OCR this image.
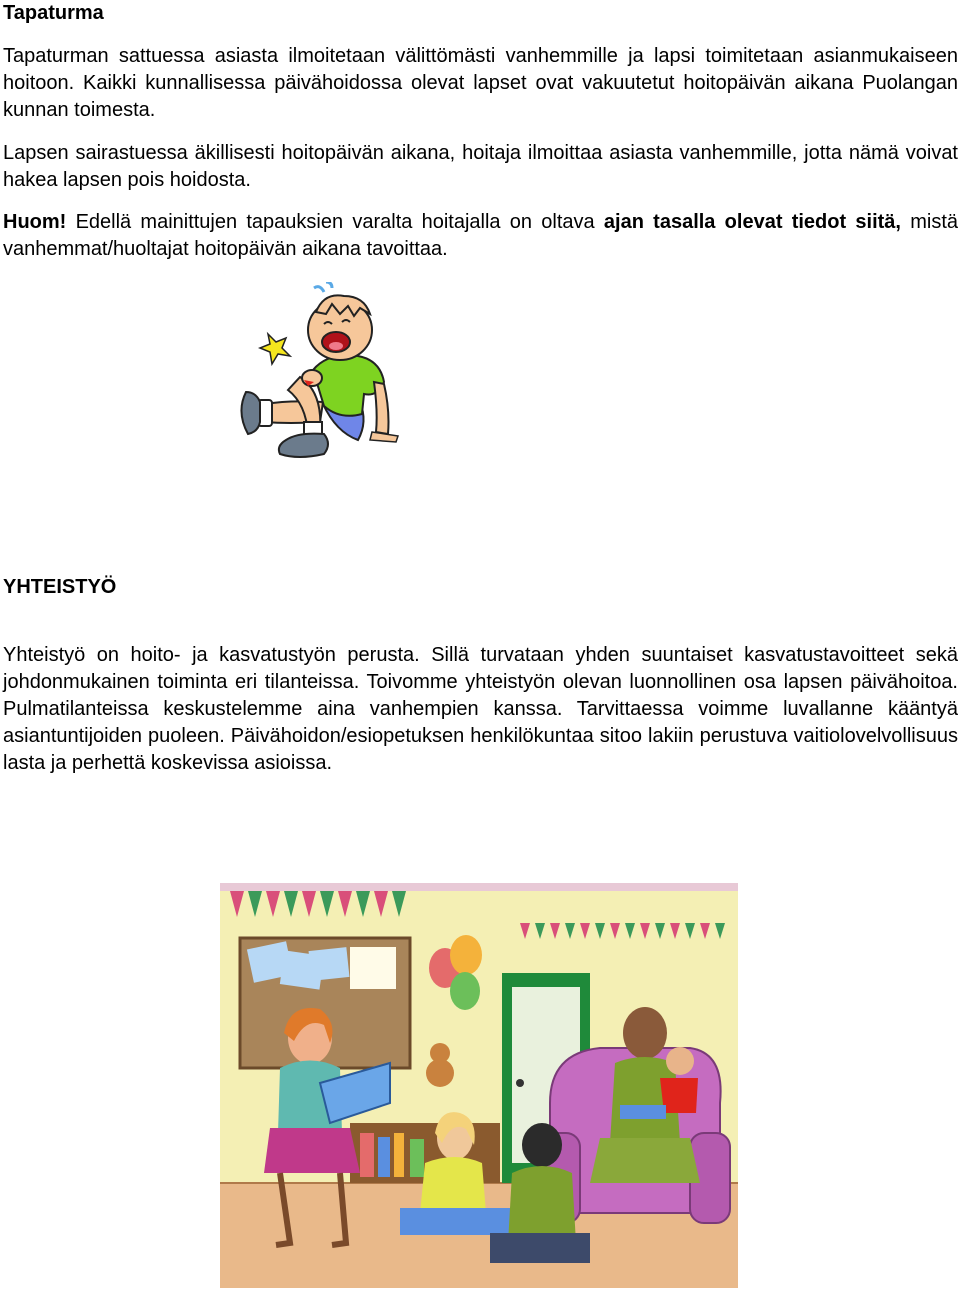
Tapaturma

Tapaturman sattuessa asiasta ilmoitetaan välittömästi vanhemmille ja lapsi toimitetaan asianmukaiseen hoitoon. Kaikki kunnallisessa päivähoidossa olevat lapset ovat vakuutetut hoitopäivän aikana Puolangan kunnan toimesta.

Lapsen sairastuessa äkillisesti hoitopäivän aikana, hoitaja ilmoittaa asiasta vanhemmille, jotta nämä voivat hakea lapsen pois hoidosta.

Huom! Edellä mainittujen tapauksien varalta hoitajalla on oltava ajan tasalla olevat tiedot siitä, mistä vanhemmat/huoltajat hoitopäivän aikana tavoittaa.

YHTEISTYÖ

Yhteistyö on hoito- ja kasvatustyön perusta. Sillä turvataan yhden suuntaiset kasvatustavoitteet sekä johdonmukainen toiminta eri tilanteissa. Toivomme yhteistyön olevan luonnollinen osa lapsen päivähoitoa. Pulmatilanteissa keskustelemme aina vanhempien kanssa. Tarvittaessa voimme luvallanne kääntyä asiantuntijoiden puoleen. Päivähoidon/esiopetuksen henkilökuntaa sitoo lakiin perustuva vaitiolovelvollisuus lasta ja perhettä koskevissa asioissa.
